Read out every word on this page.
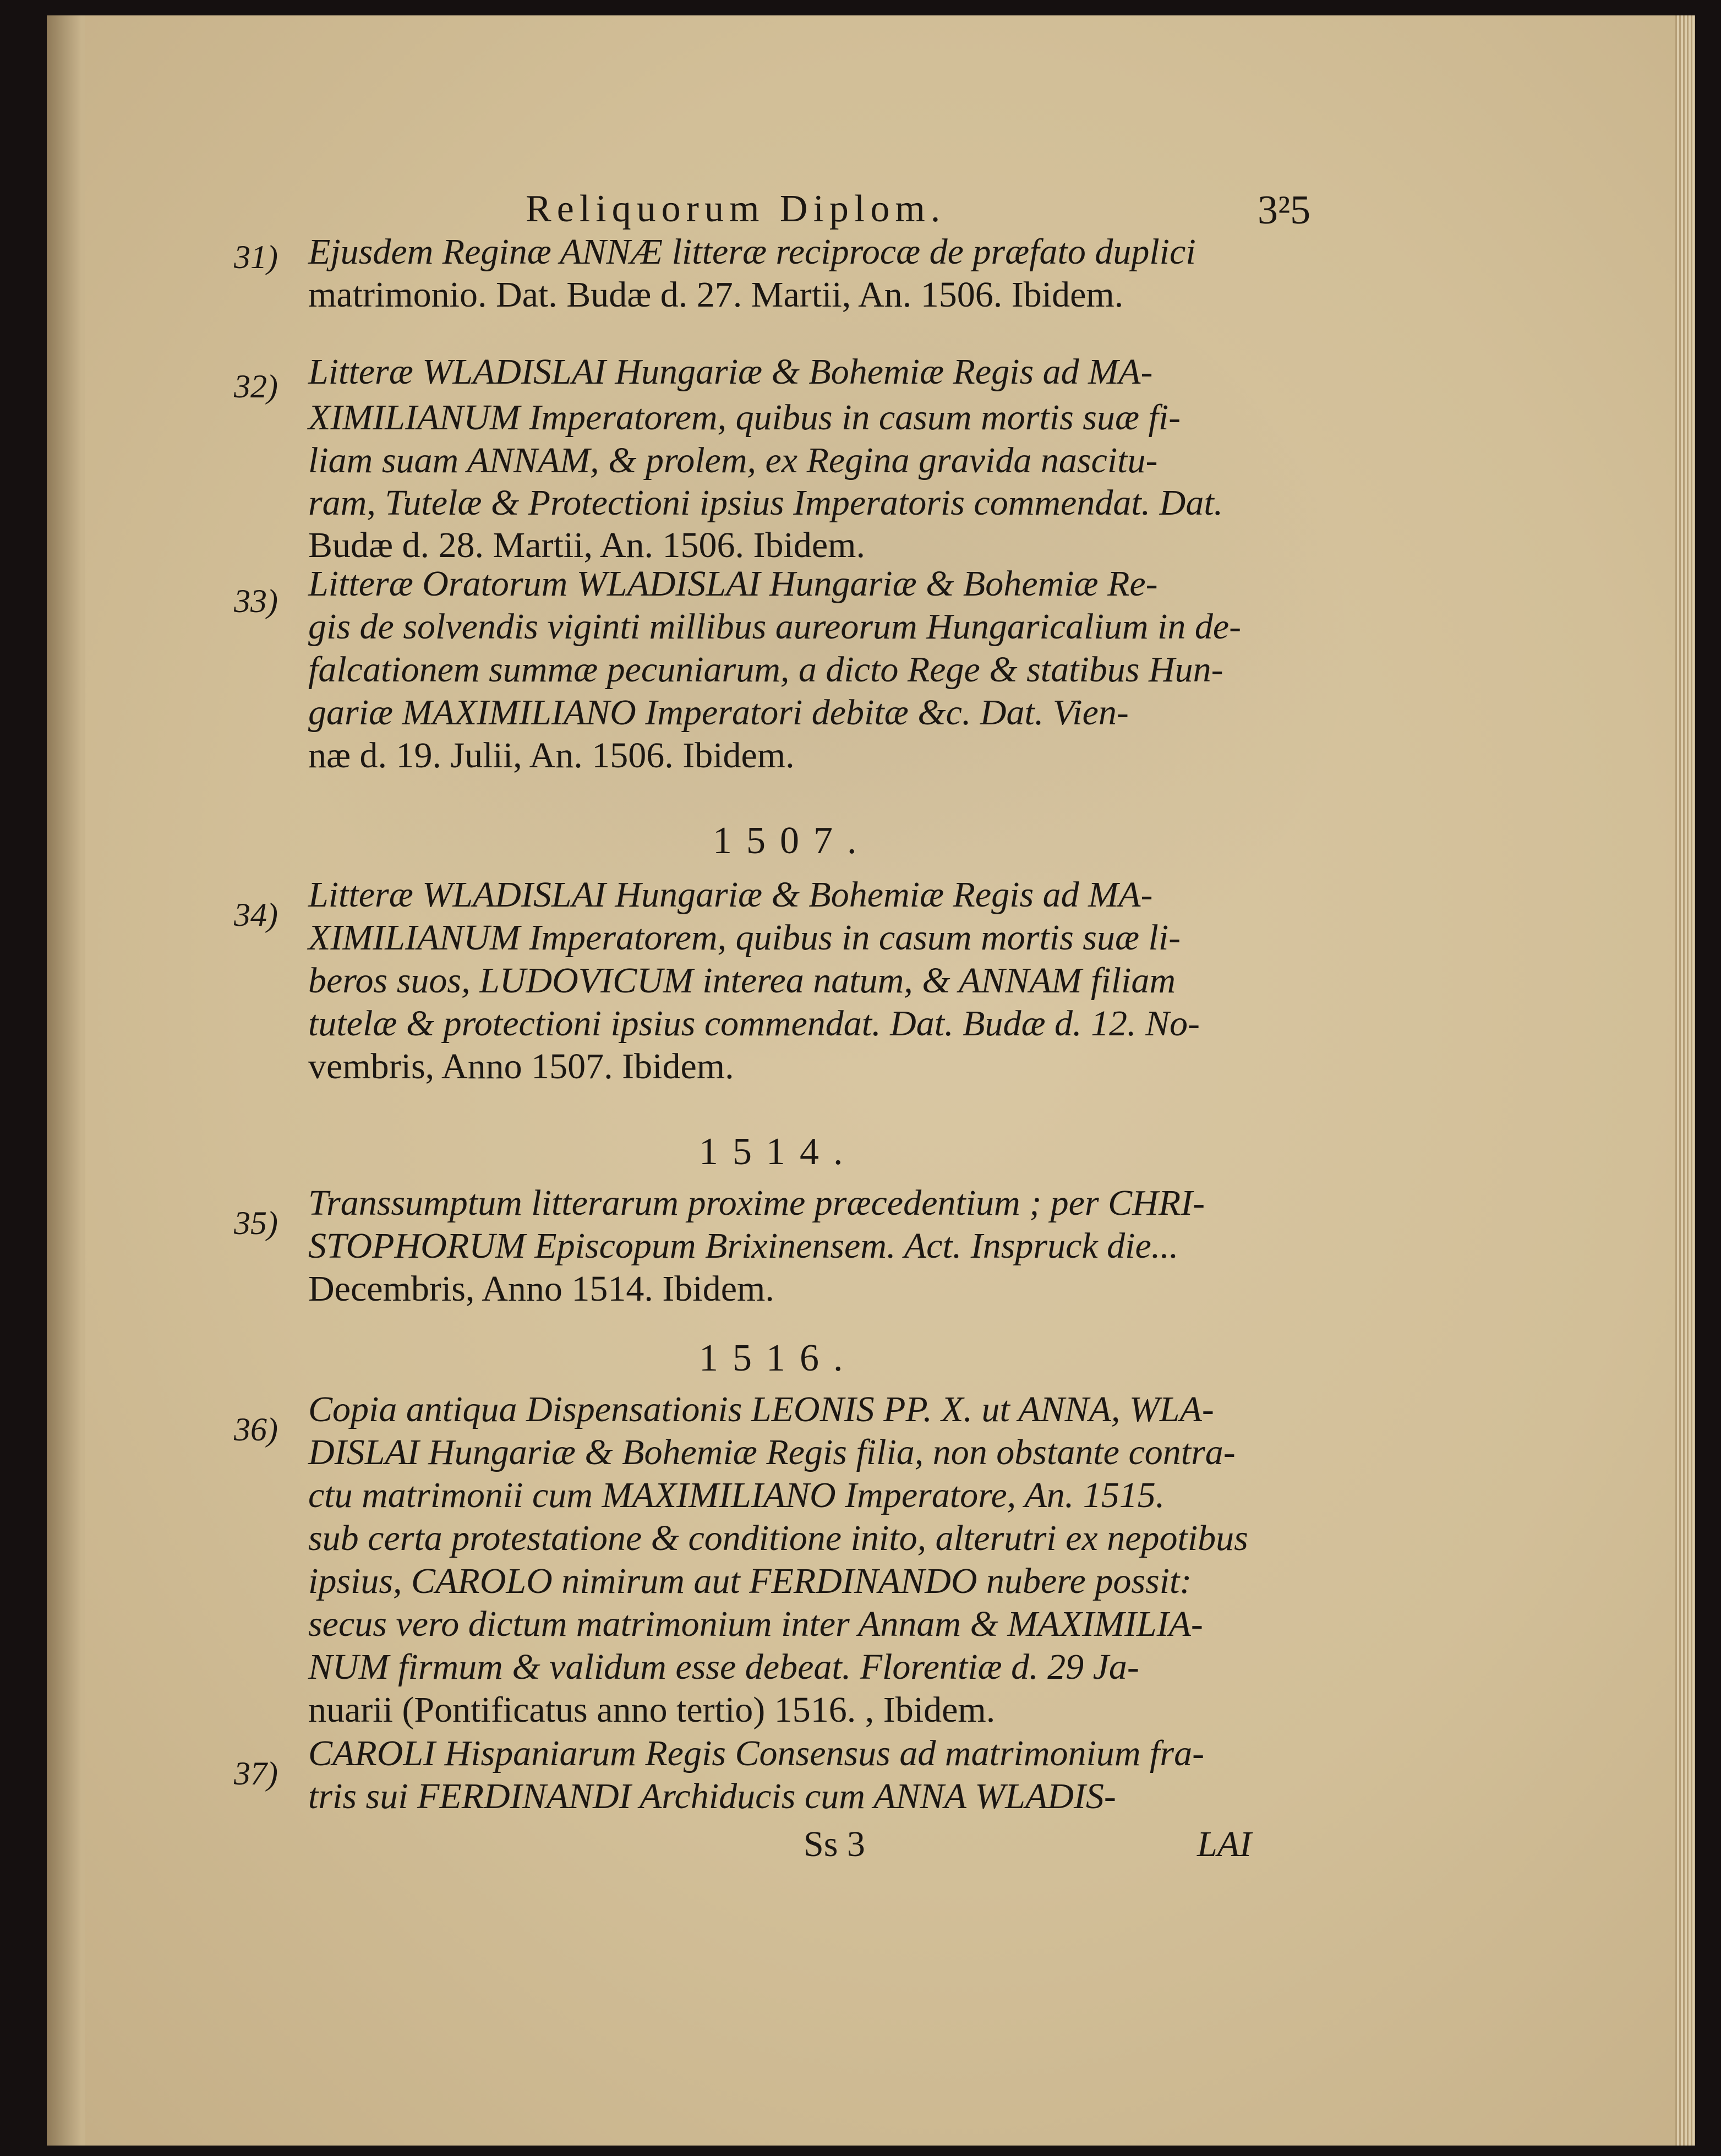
Reliquorum Diplom.	3²5
31) Ejusdem Reginæ ANNÆ litteræ reciprocæ de præfato duplici
matrimonio. Dat. Budæ d. 27. Martii, An. 1506. Ibidem.
32) Litteræ WLADISLAI Hungariæ & Bohemiæ Regis ad MA-
XIMILIANUM Imperatorem, quibus in casum mortis suæ fi-
liam suam ANNAM, & prolem, ex Regina gravida nascitu-
ram, Tutelæ & Protectioni ipsius Imperatoris commendat. Dat.
Budæ d. 28. Martii, An. 1506. Ibidem.
33) Litteræ Oratorum WLADISLAI Hungariæ & Bohemiæ Re-
gis de solvendis viginti millibus aureorum Hungaricalium in de-
falcationem summæ pecuniarum, a dicto Rege & statibus Hun-
gariæ MAXIMILIANO Imperatori debitæ &c. Dat. Vien-
næ d. 19. Julii, An. 1506. Ibidem.
1507.
34) Litteræ WLADISLAI Hungariæ & Bohemiæ Regis ad MA-
XIMILIANUM Imperatorem, quibus in casum mortis suæ li-
beros suos, LUDOVICUM interea natum, & ANNAM filiam
tutelæ & protectioni ipsius commendat. Dat. Budæ d. 12. No-
vembris, Anno 1507. Ibidem.
1514.
35) Transsumptum litterarum proxime præcedentium ; per CHRI-
STOPHORUM Episcopum Brixinensem. Act. Inspruck die...
Decembris, Anno 1514. Ibidem.
1516.
36) Copia antiqua Dispensationis LEONIS PP. X. ut ANNA, WLA-
DISLAI Hungariæ & Bohemiæ Regis filia, non obstante contra-
ctu matrimonii cum MAXIMILIANO Imperatore, An. 1515.
sub certa protestatione & conditione inito, alterutri ex nepotibus
ipsius, CAROLO nimirum aut FERDINANDO nubere possit:
secus vero dictum matrimonium inter Annam & MAXIMILIA-
NUM firmum & validum esse debeat. Florentiæ d. 29 Ja-
nuarii (Pontificatus anno tertio) 1516. , Ibidem.
37) CAROLI Hispaniarum Regis Consensus ad matrimonium fra-
tris sui FERDINANDI Archiducis cum ANNA WLADIS-
Ss 3	LAI
